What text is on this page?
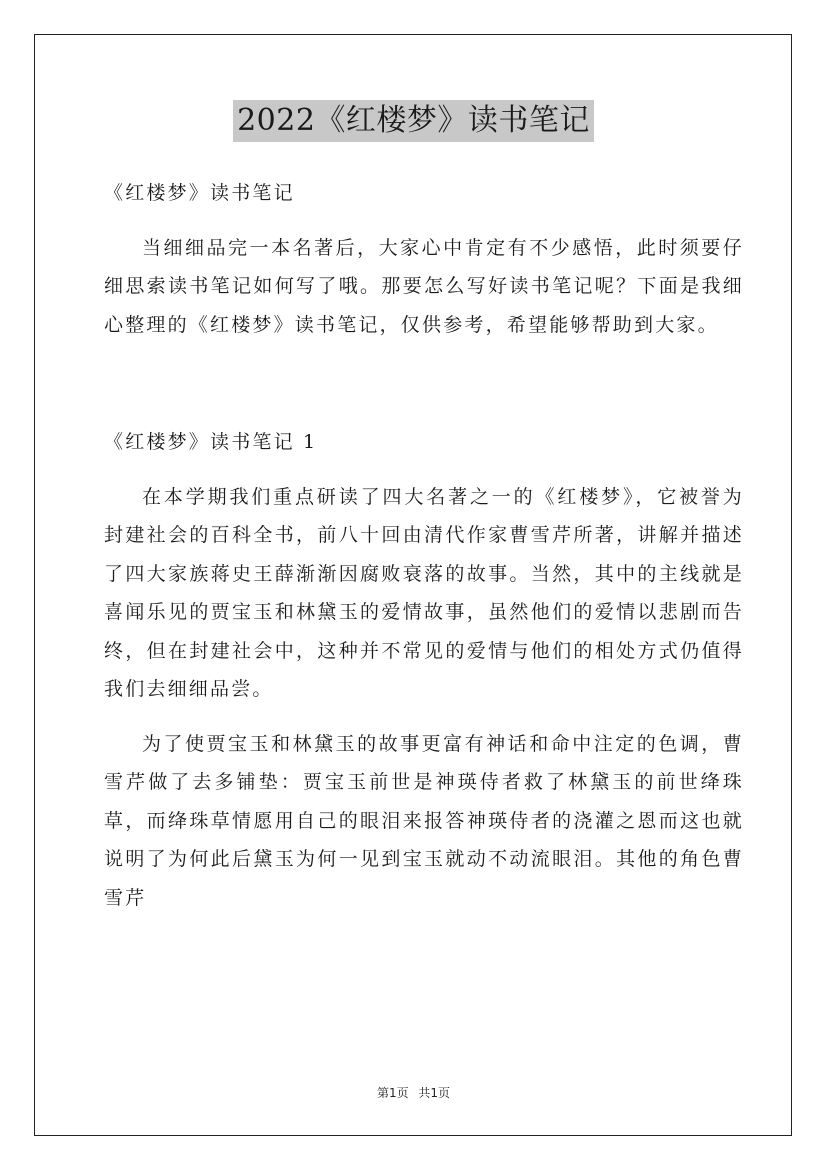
2022《红楼梦》读书笔记
《红楼梦》读书笔记

当细细品完一本名著后，大家心中肯定有不少感悟，此时须要仔细思索读书笔记如何写了哦。那要怎么写好读书笔记呢？下面是我细心整理的《红楼梦》读书笔记，仅供参考，希望能够帮助到大家。

《红楼梦》读书笔记 1

在本学期我们重点研读了四大名著之一的《红楼梦》，它被誉为封建社会的百科全书，前八十回由清代作家曹雪芹所著，讲解并描述了四大家族蒋史王薛渐渐因腐败衰落的故事。当然，其中的主线就是喜闻乐见的贾宝玉和林黛玉的爱情故事，虽然他们的爱情以悲剧而告终，但在封建社会中，这种并不常见的爱情与他们的相处方式仍值得我们去细细品尝。

为了使贾宝玉和林黛玉的故事更富有神话和命中注定的色调，曹雪芹做了去多铺垫：贾宝玉前世是神瑛侍者救了林黛玉的前世绛珠草，而绛珠草情愿用自己的眼泪来报答神瑛侍者的浇灌之恩而这也就说明了为何此后黛玉为何一见到宝玉就动不动流眼泪。其他的角色曹雪芹

第1页 共1页
